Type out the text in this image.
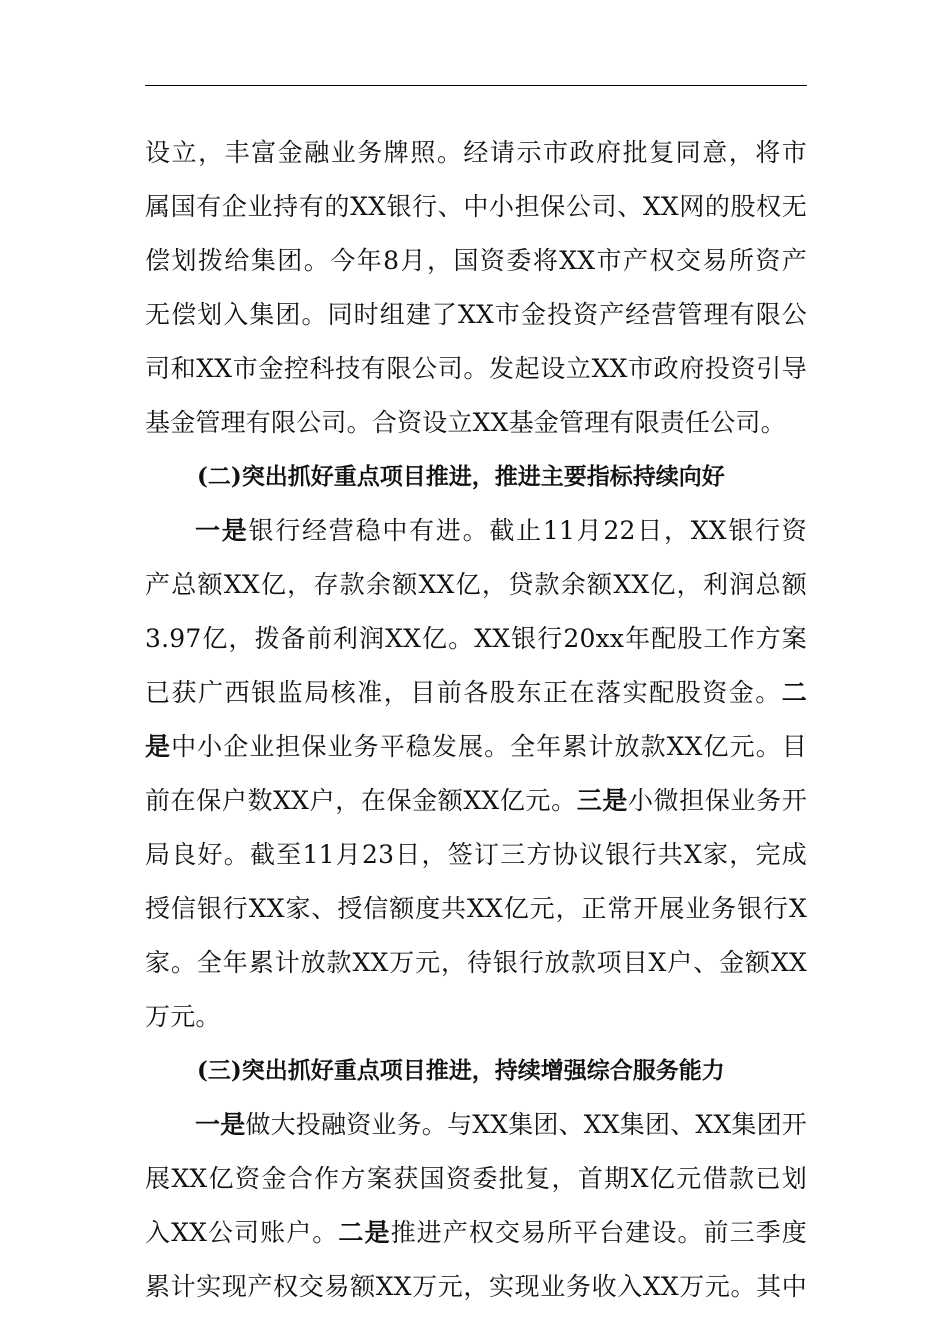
设立，丰富金融业务牌照。经请示市政府批复同意，将市
属国有企业持有的XX银行、中小担保公司、XX网的股权无
偿划拨给集团。今年8月，国资委将XX市产权交易所资产
无偿划入集团。同时组建了XX市金投资产经营管理有限公
司和XX市金控科技有限公司。发起设立XX市政府投资引导
基金管理有限公司。合资设立XX基金管理有限责任公司。
(二)突出抓好重点项目推进，推进主要指标持续向好
一是银行经营稳中有进。截止11月22日，XX银行资
产总额XX亿，存款余额XX亿，贷款余额XX亿，利润总额
3.97亿，拨备前利润XX亿。XX银行20xx年配股工作方案
已获广西银监局核准，目前各股东正在落实配股资金。二
是中小企业担保业务平稳发展。全年累计放款XX亿元。目
前在保户数XX户，在保金额XX亿元。三是小微担保业务开
局良好。截至11月23日，签订三方协议银行共X家，完成
授信银行XX家、授信额度共XX亿元，正常开展业务银行X
家。全年累计放款XX万元，待银行放款项目X户、金额XX
万元。
(三)突出抓好重点项目推进，持续增强综合服务能力
一是做大投融资业务。与XX集团、XX集团、XX集团开
展XX亿资金合作方案获国资委批复，首期X亿元借款已划
入XX公司账户。二是推进产权交易所平台建设。前三季度
累计实现产权交易额XX万元，实现业务收入XX万元。其中
